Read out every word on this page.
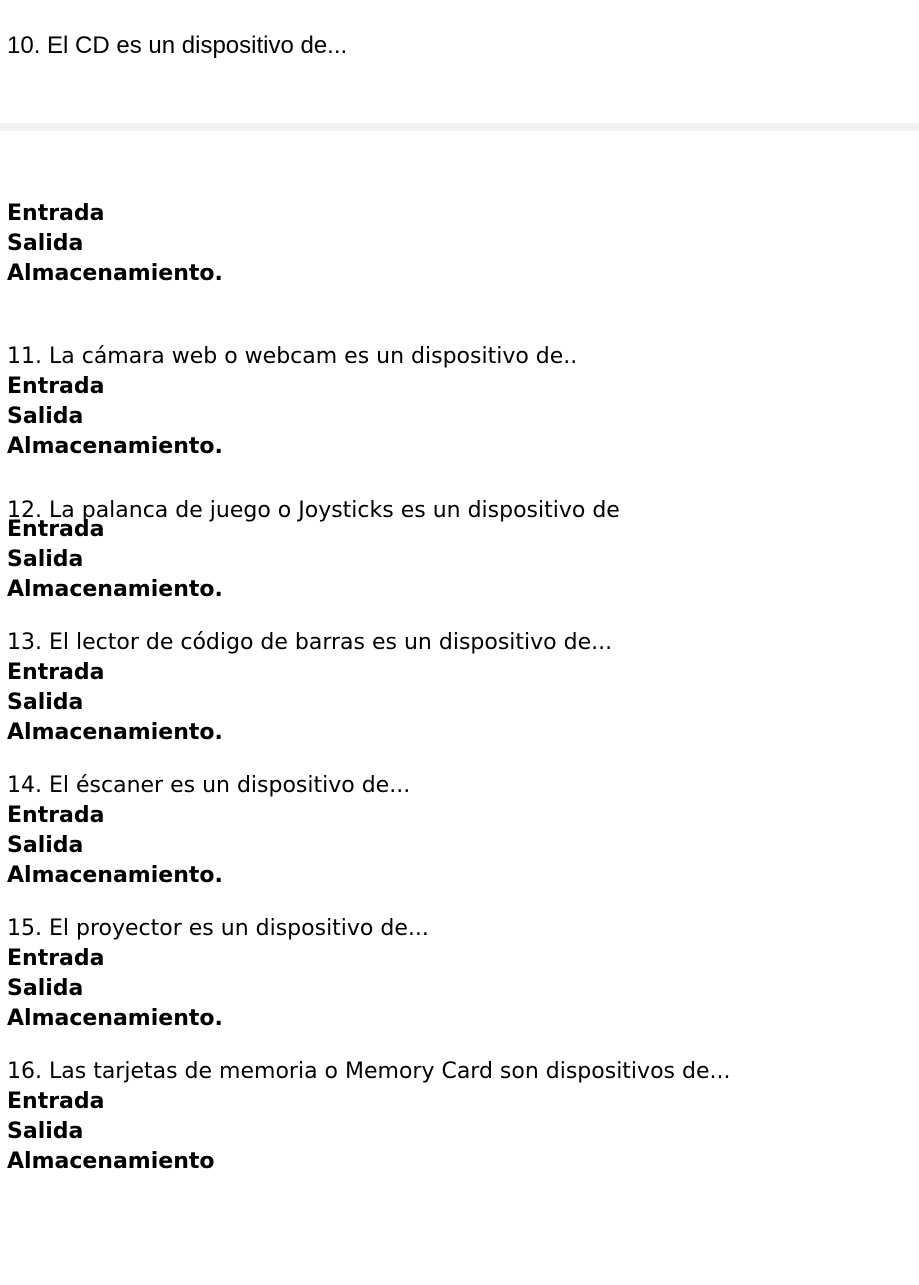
10. El CD es un dispositivo de...
Entrada
Salida
Almacenamiento.
11. La cámara web o webcam es un dispositivo de..
Entrada
Salida
Almacenamiento.
12. La palanca de juego o Joysticks es un dispositivo de
Entrada
Salida
Almacenamiento.
13. El lector de código de barras es un dispositivo de...
Entrada
Salida
Almacenamiento.
14. El éscaner es un dispositivo de...
Entrada
Salida
Almacenamiento.
15. El proyector es un dispositivo de...
Entrada
Salida
Almacenamiento.
16. Las tarjetas de memoria o Memory Card son dispositivos de...
Entrada
Salida
Almacenamiento
